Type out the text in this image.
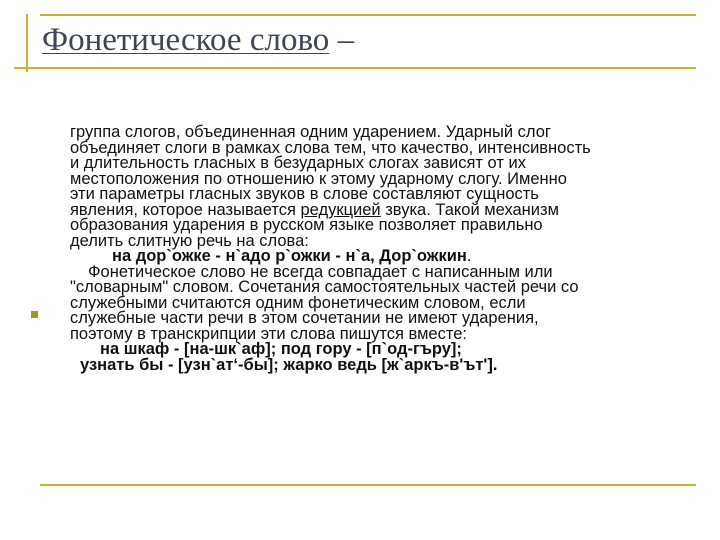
Фонетическое слово –
группа слогов, объединенная одним ударением. Ударный слог
объединяет слоги в рамках слова тем, что качество, интенсивность
и длительность гласных в безударных слогах зависят от их
местоположения по отношению к этому ударному слогу. Именно
эти параметры гласных звуков в слове составляют сущность
явления, которое называется редукцией звука. Такой механизм
образования ударения в русском языке позволяет правильно
делить слитную речь на слова:
на дор`ожке - н`адо р`ожки - н`а, Дор`ожкин.
Фонетическое слово не всегда совпадает с написанным или
"словарным" словом. Сочетания самостоятельных частей речи со
служебными считаются одним фонетическим словом, если
служебные части речи в этом сочетании не имеют ударения,
поэтому в транскрипции эти слова пишутся вместе:
на шкаф - [на-шк`аф]; под гору - [п`од-гъру];
узнать бы - [узн`ат‘-бы]; жарко ведь [ж`аркъ-в'ът'].
